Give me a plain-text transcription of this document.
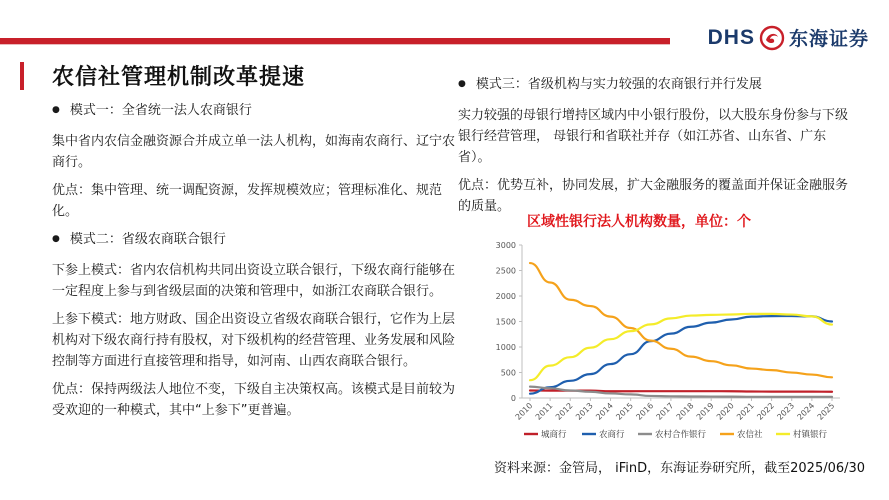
DHS 东海证券
农信社管理机制改革提速
● 模式一：全省统一法人农商银行

集中省内农信金融资源合并成立单一法人机构，如海南农商行、辽宁农商行。

优点：集中管理、统一调配资源，发挥规模效应；管理标准化、规范化。

● 模式二：省级农商联合银行

下参上模式：省内农信机构共同出资设立联合银行，下级农商行能够在一定程度上参与到省级层面的决策和管理中，如浙江农商联合银行。

上参下模式：地方财政、国企出资设立省级农商联合银行，它作为上层机构对下级农商行持有股权，对下级机构的经营管理、业务发展和风险控制等方面进行直接管理和指导，如河南、山西农商联合银行。

优点：保持两级法人地位不变，下级自主决策权高。该模式是目前较为受欢迎的一种模式，其中“上参下”更普遍。

● 模式三：省级机构与实力较强的农商银行并行发展

实力较强的母银行增持区域内中小银行股份，以大股东身份参与下级银行经营管理， 母银行和省联社并存（如江苏省、山东省、广东省）。

优点：优势互补，协同发展，扩大金融服务的覆盖面并保证金融服务的质量。

区域性银行法人机构数量，单位：个
0
500
1000
1500
2000
2500
3000
2010 2011 2012 2013 2014 2015 2016 2017 2018 2019 2020 2021 2022 2023 2024 2025
城商行	农商行	农村合作银行	农信社	村镇银行
资料来源：金管局， iFinD，东海证券研究所，截至2025/06/30
